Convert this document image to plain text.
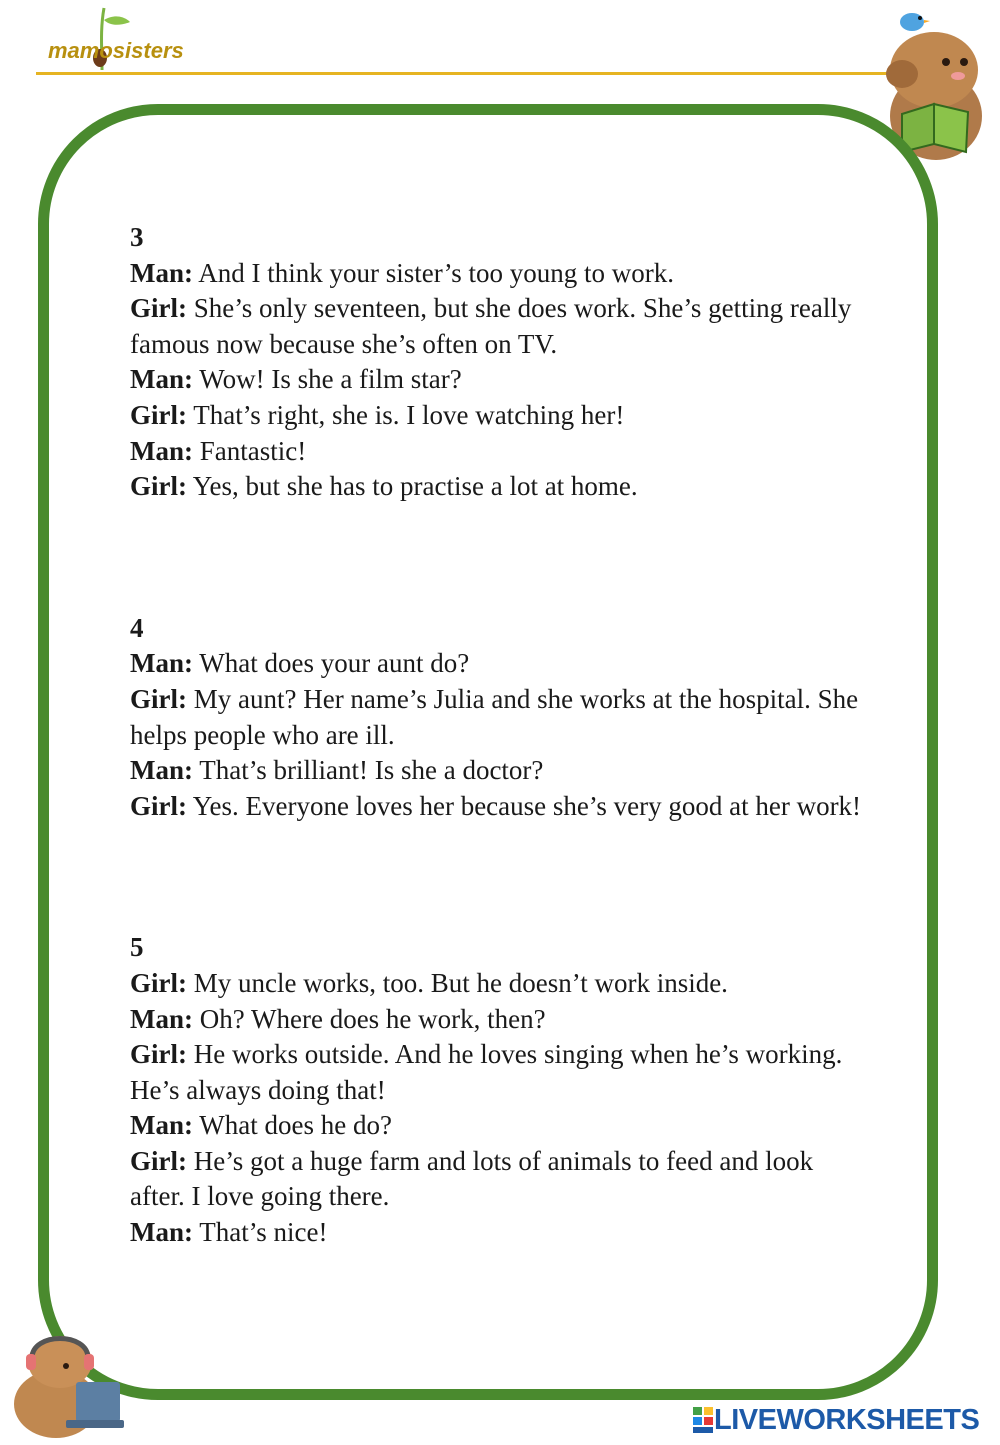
mamosisters

3

Man: And I think your sister’s too young to work.

Girl: She’s only seventeen, but she does work. She’s getting really famous now because she’s often on TV.

Man: Wow! Is she a film star?

Girl: That’s right, she is. I love watching her!

Man: Fantastic!

Girl: Yes, but she has to practise a lot at home.

4

Man: What does your aunt do?

Girl: My aunt? Her name’s Julia and she works at the hospital. She helps people who are ill.

Man: That’s brilliant! Is she a doctor?

Girl: Yes. Everyone loves her because she’s very good at her work!

5

Girl: My uncle works, too. But he doesn’t work inside.

Man: Oh? Where does he work, then?

Girl: He works outside. And he loves singing when he’s working. He’s always doing that!

Man: What does he do?

Girl: He’s got a huge farm and lots of animals to feed and look after. I love going there.

Man: That’s nice!

LIVEWORKSHEETS
